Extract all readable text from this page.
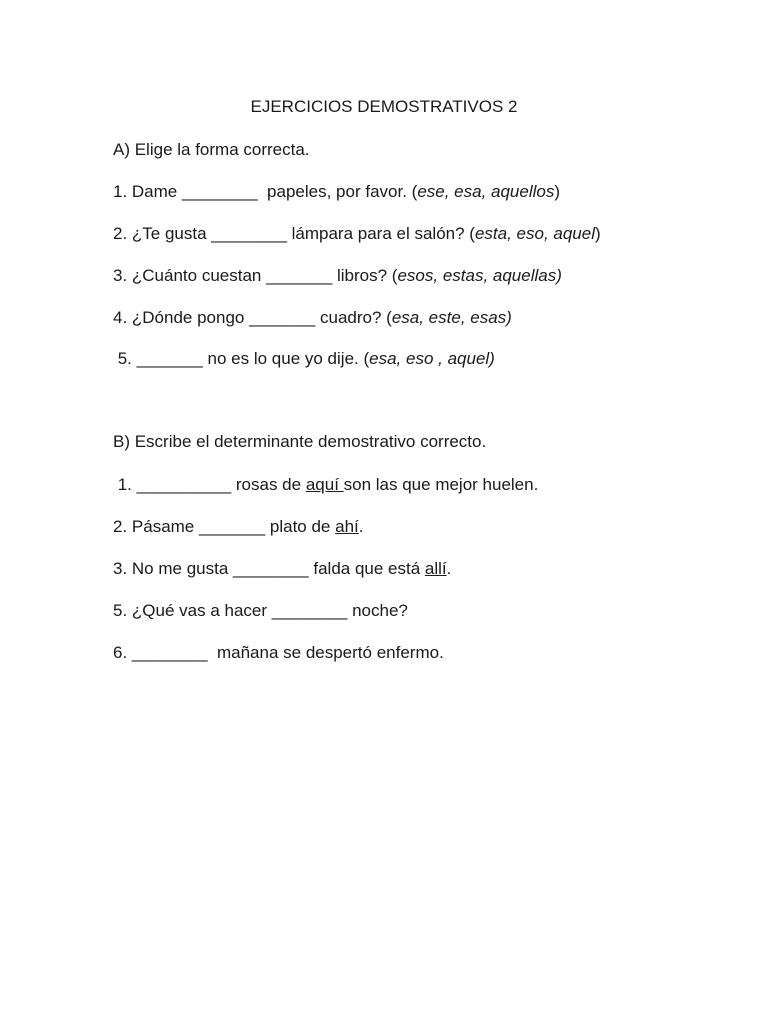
EJERCICIOS DEMOSTRATIVOS 2
A) Elige la forma correcta.
1. Dame ________  papeles, por favor. (ese, esa, aquellos)
2. ¿Te gusta ________ lámpara para el salón? (esta, eso, aquel)
3. ¿Cuánto cuestan _______ libros? (esos, estas, aquellas)
4. ¿Dónde pongo _______ cuadro? (esa, este, esas)
5. _______ no es lo que yo dije. (esa, eso , aquel)
B) Escribe el determinante demostrativo correcto.
1. __________ rosas de aquí son las que mejor huelen.
2. Pásame _______ plato de ahí.
3. No me gusta ________ falda que está allí.
5. ¿Qué vas a hacer ________ noche?
6. ________  mañana se despertó enfermo.
